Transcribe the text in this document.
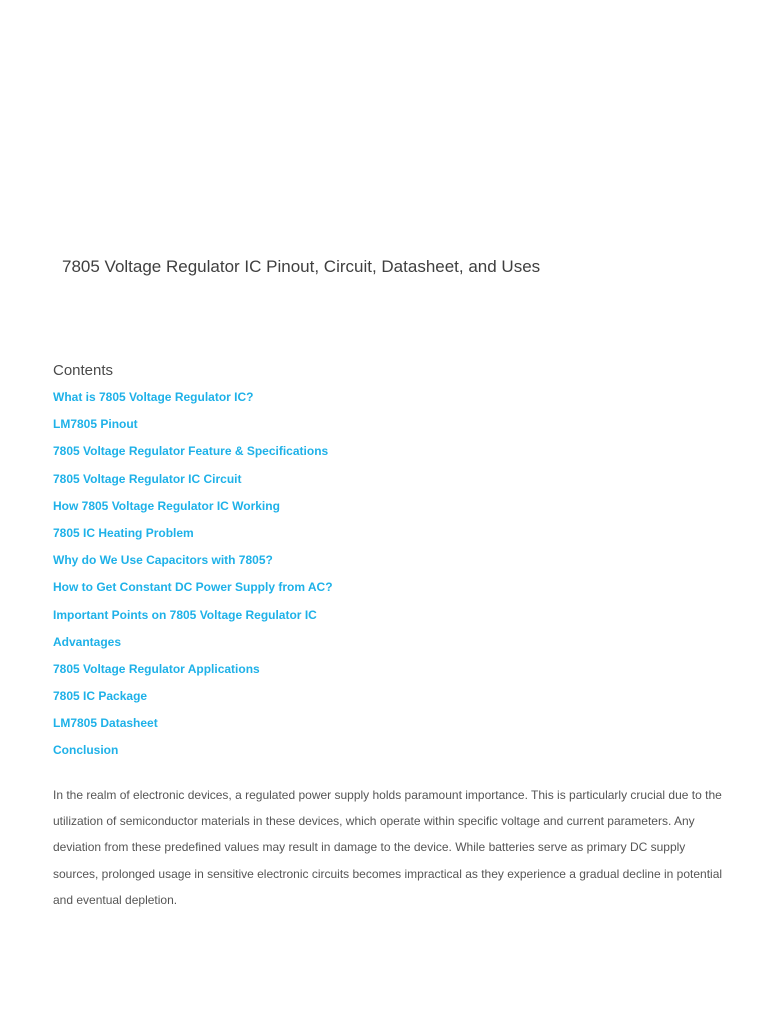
7805 Voltage Regulator IC Pinout, Circuit, Datasheet, and Uses
Contents
What is 7805 Voltage Regulator IC?
LM7805 Pinout
7805 Voltage Regulator Feature & Specifications
7805 Voltage Regulator IC Circuit
How 7805 Voltage Regulator IC Working
7805 IC Heating Problem
Why do We Use Capacitors with 7805?
How to Get Constant DC Power Supply from AC?
Important Points on 7805 Voltage Regulator IC
Advantages
7805 Voltage Regulator Applications
7805 IC Package
LM7805 Datasheet
Conclusion

In the realm of electronic devices, a regulated power supply holds paramount importance. This is particularly crucial due to the utilization of semiconductor materials in these devices, which operate within specific voltage and current parameters. Any deviation from these predefined values may result in damage to the device. While batteries serve as primary DC supply sources, prolonged usage in sensitive electronic circuits becomes impractical as they experience a gradual decline in potential and eventual depletion.
